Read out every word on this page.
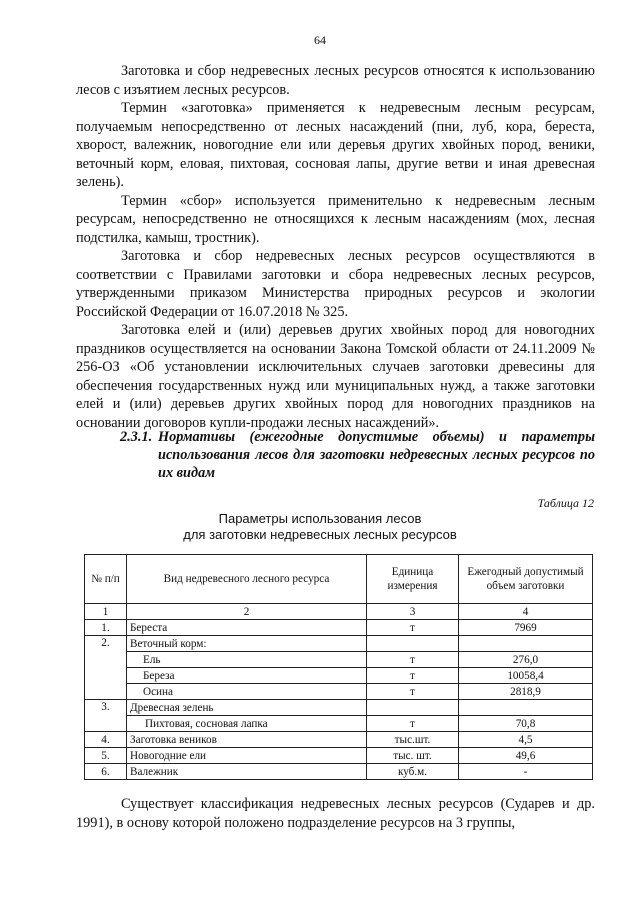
64

Заготовка и сбор недревесных лесных ресурсов относятся к использованию лесов с изъятием лесных ресурсов.

Термин «заготовка» применяется к недревесным лесным ресурсам, получаемым непосредственно от лесных насаждений (пни, луб, кора, береста, хворост, валежник, новогодние ели или деревья других хвойных пород, веники, веточный корм, еловая, пихтовая, сосновая лапы, другие ветви и иная древесная зелень).

Термин «сбор» используется применительно к недревесным лесным ресурсам, непосредственно не относящихся к лесным насаждениям (мох, лесная подстилка, камыш, тростник).

Заготовка и сбор недревесных лесных ресурсов осуществляются в соответствии с Правилами заготовки и сбора недревесных лесных ресурсов, утвержденными приказом Министерства природных ресурсов и экологии Российской Федерации от 16.07.2018 № 325.

Заготовка елей и (или) деревьев других хвойных пород для новогодних праздников осуществляется на основании Закона Томской области от 24.11.2009 № 256-ОЗ «Об установлении исключительных случаев заготовки древесины для обеспечения государственных нужд или муниципальных нужд, а также заготовки елей и (или) деревьев других хвойных пород для новогодних праздников на основании договоров купли-продажи лесных насаждений».

2.3.1. Нормативы (ежегодные допустимые объемы) и параметры использования лесов для заготовки недревесных лесных ресурсов по их видам
Таблица 12
Параметры использования лесов
для заготовки недревесных лесных ресурсов
№ п/п	Вид недревесного лесного ресурса	Единица измерения	Ежегодный допустимый объем заготовки
1	2	3	4
1.	Береста	т	7969
2.	Веточный корм:		
	Ель	т	276,0
	Береза	т	10058,4
	Осина	т	2818,9
3.	Древесная зелень		
	Пихтовая, сосновая лапка	т	70,8
4.	Заготовка веников	тыс.шт.	4,5
5.	Новогодние ели	тыс. шт.	49,6
6.	Валежник	куб.м.	-

Существует классификация недревесных лесных ресурсов (Сударев и др. 1991), в основу которой положено подразделение ресурсов на 3 группы,
